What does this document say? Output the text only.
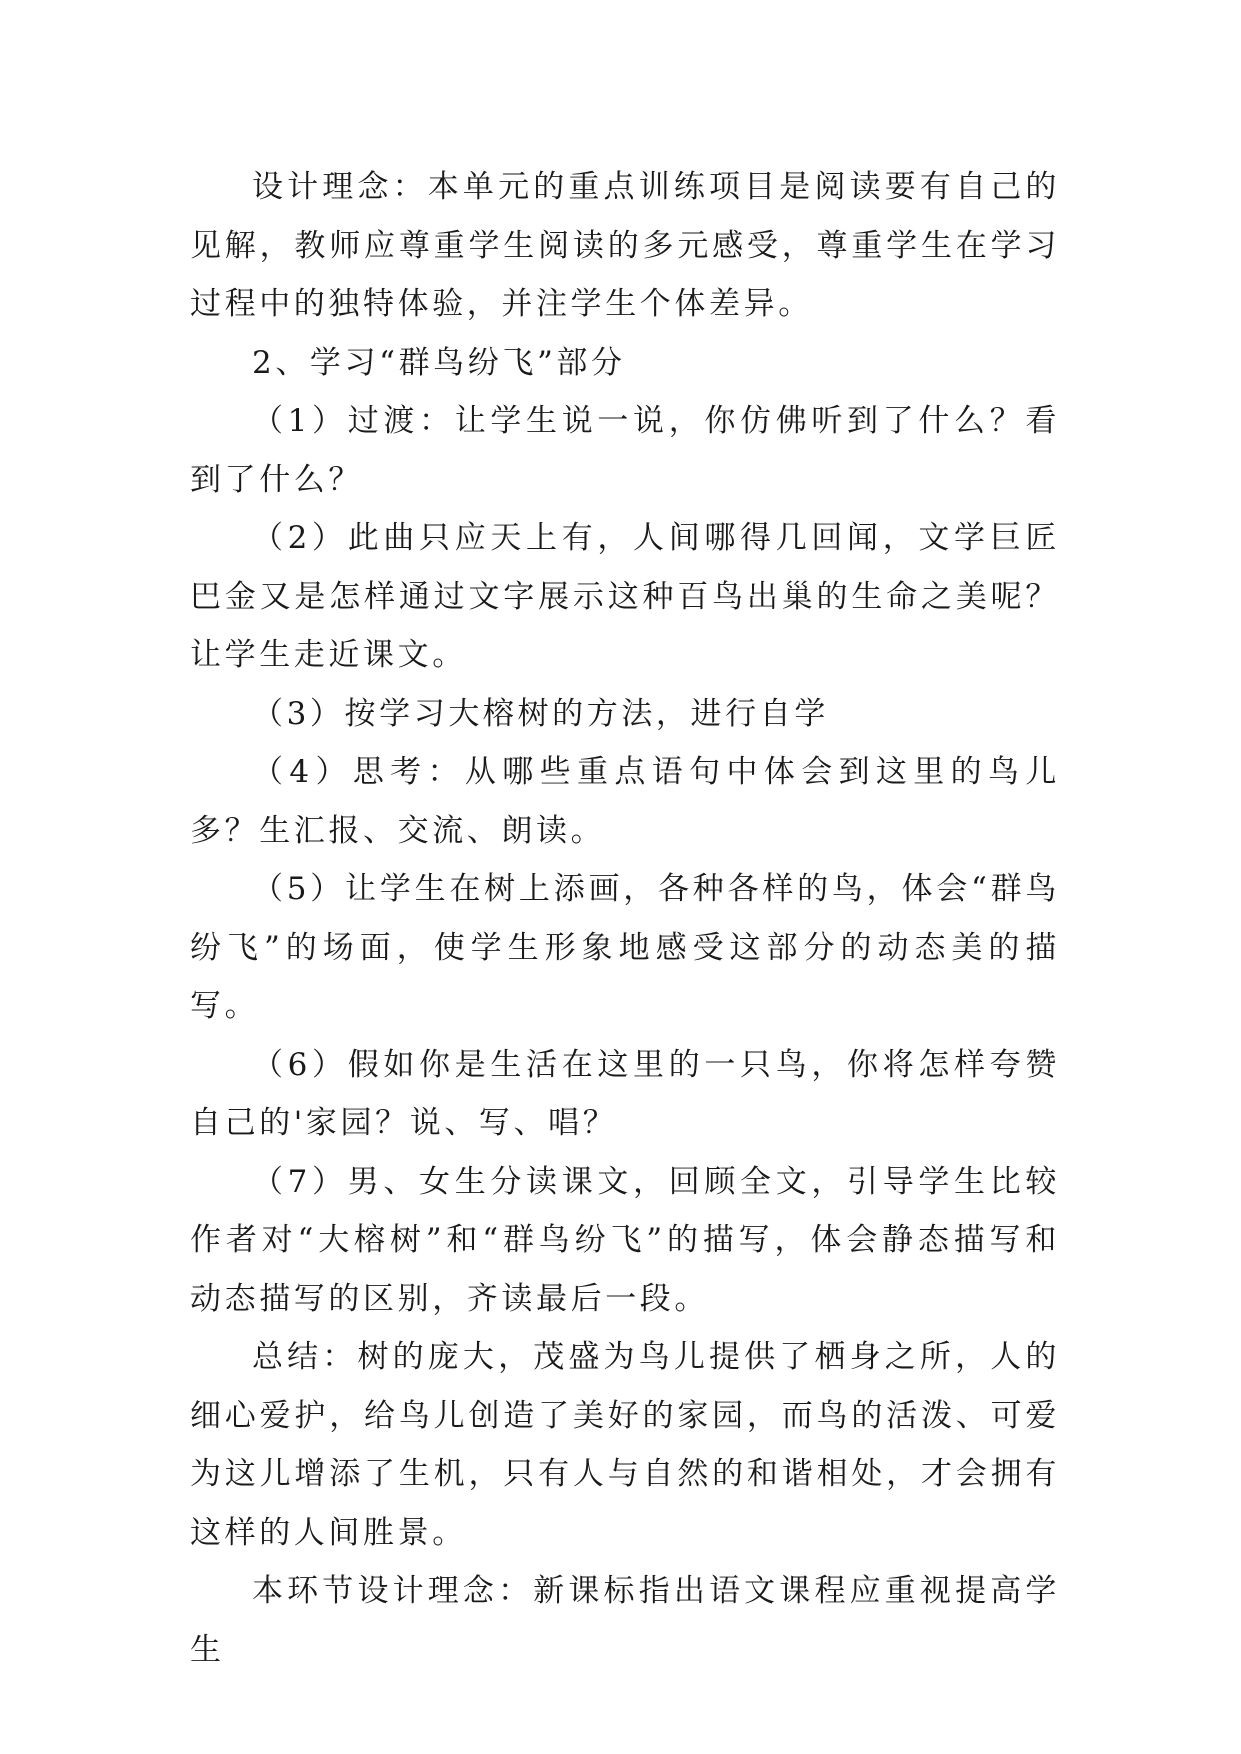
设计理念：本单元的重点训练项目是阅读要有自己的见解，教师应尊重学生阅读的多元感受，尊重学生在学习过程中的独特体验，并注学生个体差异。

2、学习“群鸟纷飞”部分

（1）过渡：让学生说一说，你仿佛听到了什么？看到了什么？

（2）此曲只应天上有，人间哪得几回闻，文学巨匠巴金又是怎样通过文字展示这种百鸟出巢的生命之美呢？让学生走近课文。

（3）按学习大榕树的方法，进行自学

（4）思考：从哪些重点语句中体会到这里的鸟儿多？生汇报、交流、朗读。

（5）让学生在树上添画，各种各样的鸟，体会“群鸟纷飞”的场面，使学生形象地感受这部分的动态美的描写。

（6）假如你是生活在这里的一只鸟，你将怎样夸赞自己的'家园？说、写、唱？

（7）男、女生分读课文，回顾全文，引导学生比较作者对“大榕树”和“群鸟纷飞”的描写，体会静态描写和动态描写的区别，齐读最后一段。

总结：树的庞大，茂盛为鸟儿提供了栖身之所，人的细心爱护，给鸟儿创造了美好的家园，而鸟的活泼、可爱为这儿增添了生机，只有人与自然的和谐相处，才会拥有这样的人间胜景。

本环节设计理念：新课标指出语文课程应重视提高学生
